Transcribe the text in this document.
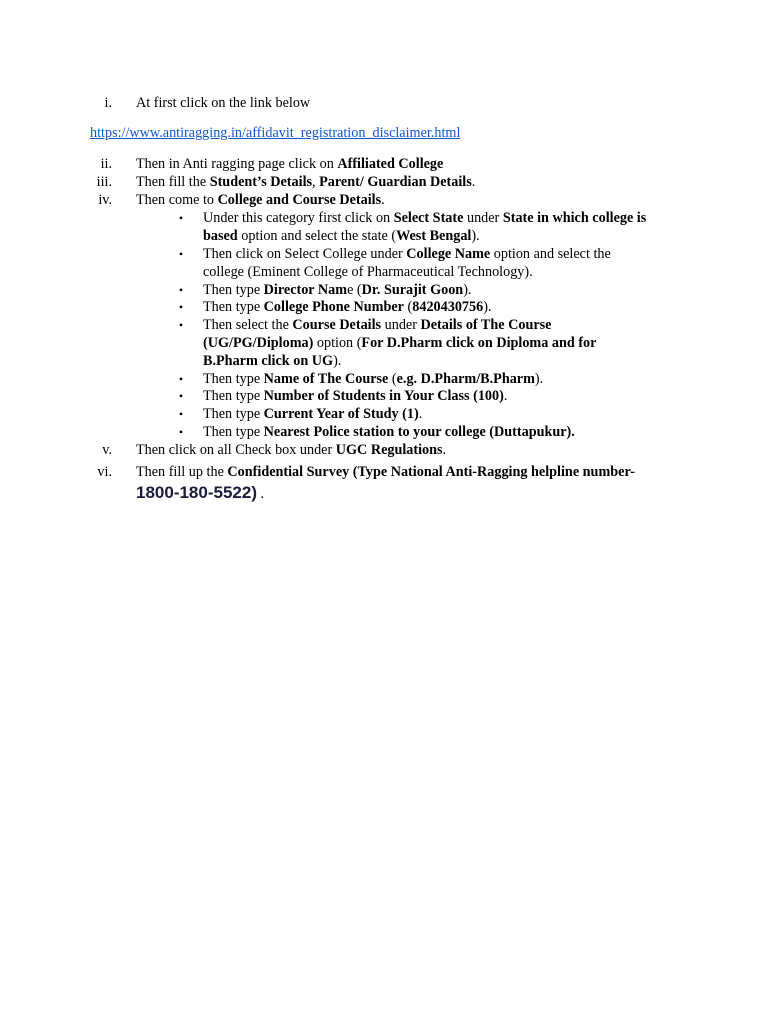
i. At first click on the link below
https://www.antiragging.in/affidavit_registration_disclaimer.html
ii. Then in Anti ragging page click on Affiliated College
iii. Then fill the Student’s Details, Parent/ Guardian Details.
iv. Then come to College and Course Details.
• Under this category first click on Select State under State in which college is
based option and select the state (West Bengal).
• Then click on Select College under College Name option and select the
college (Eminent College of Pharmaceutical Technology).
• Then type Director Name (Dr. Surajit Goon).
• Then type College Phone Number (8420430756).
• Then select the Course Details under Details of The Course
(UG/PG/Diploma) option (For D.Pharm click on Diploma and for
B.Pharm click on UG).
• Then type Name of The Course (e.g. D.Pharm/B.Pharm).
• Then type Number of Students in Your Class (100).
• Then type Current Year of Study (1).
• Then type Nearest Police station to your college (Duttapukur).
v. Then click on all Check box under UGC Regulations.
vi. Then fill up the Confidential Survey (Type National Anti-Ragging helpline number-
1800-180-5522) .
